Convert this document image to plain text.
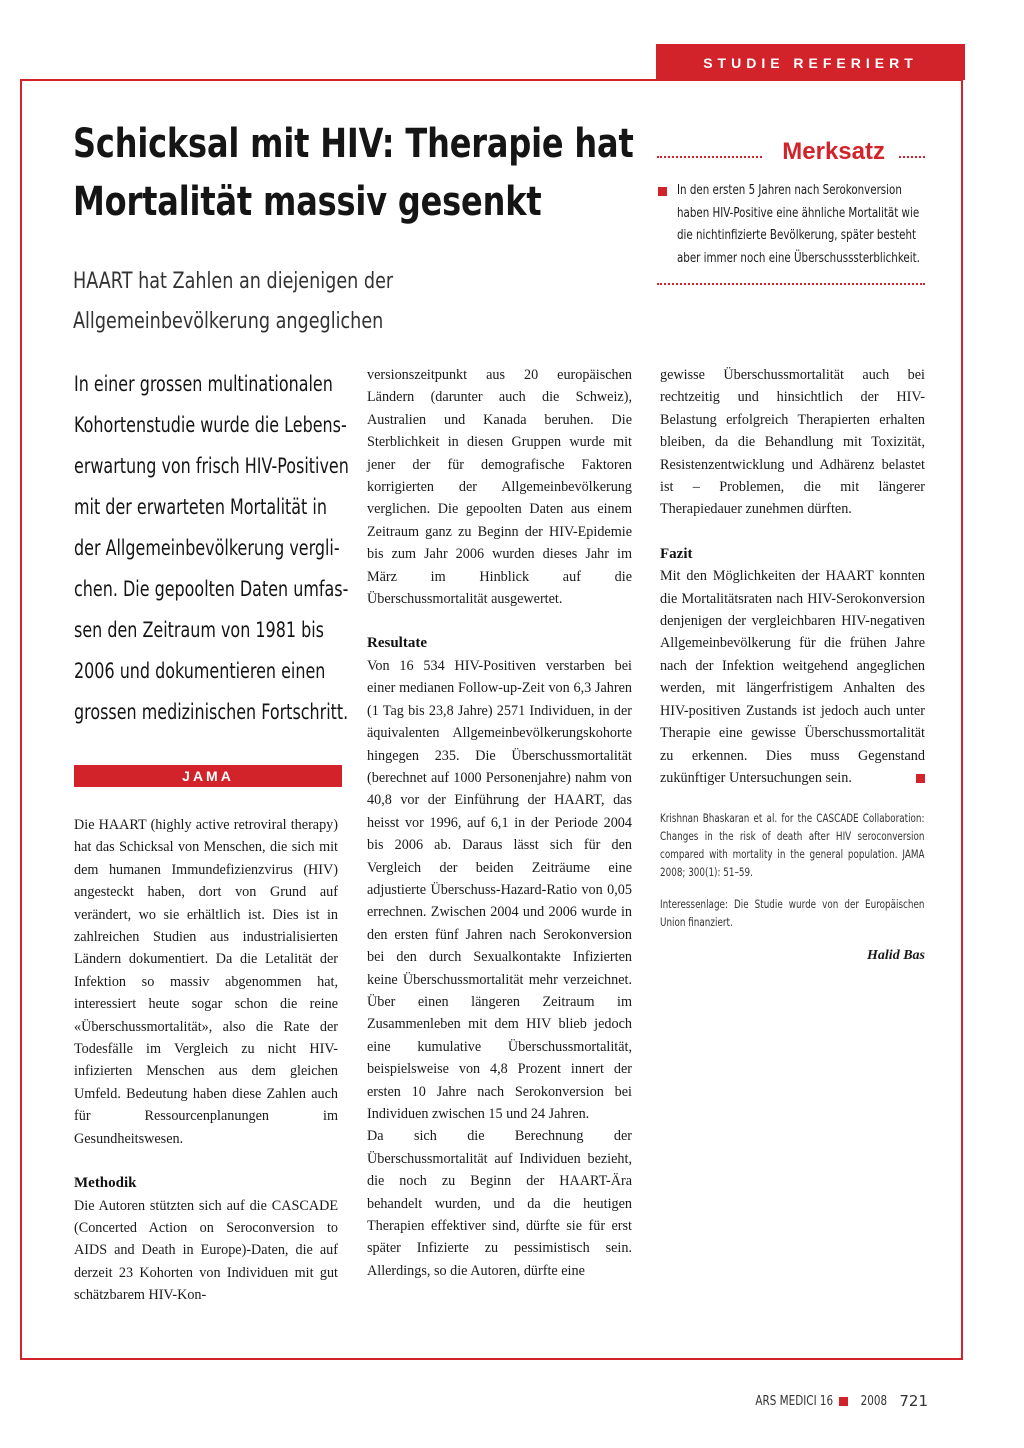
STUDIE REFERIERT
Schicksal mit HIV: Therapie hat
Mortalität massiv gesenkt

HAART hat Zahlen an diejenigen der Allgemeinbevölkerung angeglichen

Merksatz

In den ersten 5 Jahren nach Serokonversion haben HIV-Positive eine ähnliche Mortalität wie die nichtinfizierte Bevölkerung, später besteht aber immer noch eine Überschusssterblichkeit.

In einer grossen multinationalen
Kohortenstudie wurde die Lebens-
erwartung von frisch HIV-Positiven
mit der erwarteten Mortalität in
der Allgemeinbevölkerung vergli-
chen. Die gepoolten Daten umfas-
sen den Zeitraum von 1981 bis
2006 und dokumentieren einen
grossen medizinischen Fortschritt.

JAMA

Die HAART (highly active retroviral therapy) hat das Schicksal von Menschen, die sich mit dem humanen Immundefizienzvirus (HIV) angesteckt haben, dort von Grund auf verändert, wo sie erhältlich ist. Dies ist in zahlreichen Studien aus industrialisierten Ländern dokumentiert. Da die Letalität der Infektion so massiv abgenommen hat, interessiert heute sogar schon die reine «Überschussmortalität», also die Rate der Todesfälle im Vergleich zu nicht HIV-infizierten Menschen aus dem gleichen Umfeld. Bedeutung haben diese Zahlen auch für Ressourcenplanungen im Gesundheitswesen.

Methodik

Die Autoren stützten sich auf die CASCADE (Concerted Action on Seroconversion to AIDS and Death in Europe)-Daten, die auf derzeit 23 Kohorten von Individuen mit gut schätzbarem HIV-Kon-

versionszeitpunkt aus 20 europäischen Ländern (darunter auch die Schweiz), Australien und Kanada beruhen. Die Sterblichkeit in diesen Gruppen wurde mit jener der für demografische Faktoren korrigierten der Allgemeinbevölkerung verglichen. Die gepoolten Daten aus einem Zeitraum ganz zu Beginn der HIV-Epidemie bis zum Jahr 2006 wurden dieses Jahr im März im Hinblick auf die Überschussmortalität ausgewertet.

Resultate

Von 16 534 HIV-Positiven verstarben bei einer medianen Follow-up-Zeit von 6,3 Jahren (1 Tag bis 23,8 Jahre) 2571 Individuen, in der äquivalenten Allgemeinbevölkerungskohorte hingegen 235. Die Überschussmortalität (berechnet auf 1000 Personenjahre) nahm von 40,8 vor der Einführung der HAART, das heisst vor 1996, auf 6,1 in der Periode 2004 bis 2006 ab. Daraus lässt sich für den Vergleich der beiden Zeiträume eine adjustierte Überschuss-Hazard-Ratio von 0,05 errechnen. Zwischen 2004 und 2006 wurde in den ersten fünf Jahren nach Serokonversion bei den durch Sexualkontakte Infizierten keine Überschussmortalität mehr verzeichnet. Über einen längeren Zeitraum im Zusammenleben mit dem HIV blieb jedoch eine kumulative Überschussmortalität, beispielsweise von 4,8 Prozent innert der ersten 10 Jahre nach Serokonversion bei Individuen zwischen 15 und 24 Jahren.

Da sich die Berechnung der Überschussmortalität auf Individuen bezieht, die noch zu Beginn der HAART-Ära behandelt wurden, und da die heutigen Therapien effektiver sind, dürfte sie für erst später Infizierte zu pessimistisch sein. Allerdings, so die Autoren, dürfte eine

gewisse Überschussmortalität auch bei rechtzeitig und hinsichtlich der HIV-Belastung erfolgreich Therapierten erhalten bleiben, da die Behandlung mit Toxizität, Resistenzentwicklung und Adhärenz belastet ist – Problemen, die mit längerer Therapiedauer zunehmen dürften.

Fazit

Mit den Möglichkeiten der HAART konnten die Mortalitätsraten nach HIV-Serokonversion denjenigen der vergleichbaren HIV-negativen Allgemeinbevölkerung für die frühen Jahre nach der Infektion weitgehend angeglichen werden, mit längerfristigem Anhalten des HIV-positiven Zustands ist jedoch auch unter Therapie eine gewisse Überschussmortalität zu erkennen. Dies muss Gegenstand zukünftiger Untersuchungen sein.

Krishnan Bhaskaran et al. for the CASCADE Collaboration: Changes in the risk of death after HIV seroconversion compared with mortality in the general population. JAMA 2008; 300(1): 51–59.
Interessenlage: Die Studie wurde von der Europäischen Union finanziert.
Halid Bas
ARS MEDICI 16 2008 721
